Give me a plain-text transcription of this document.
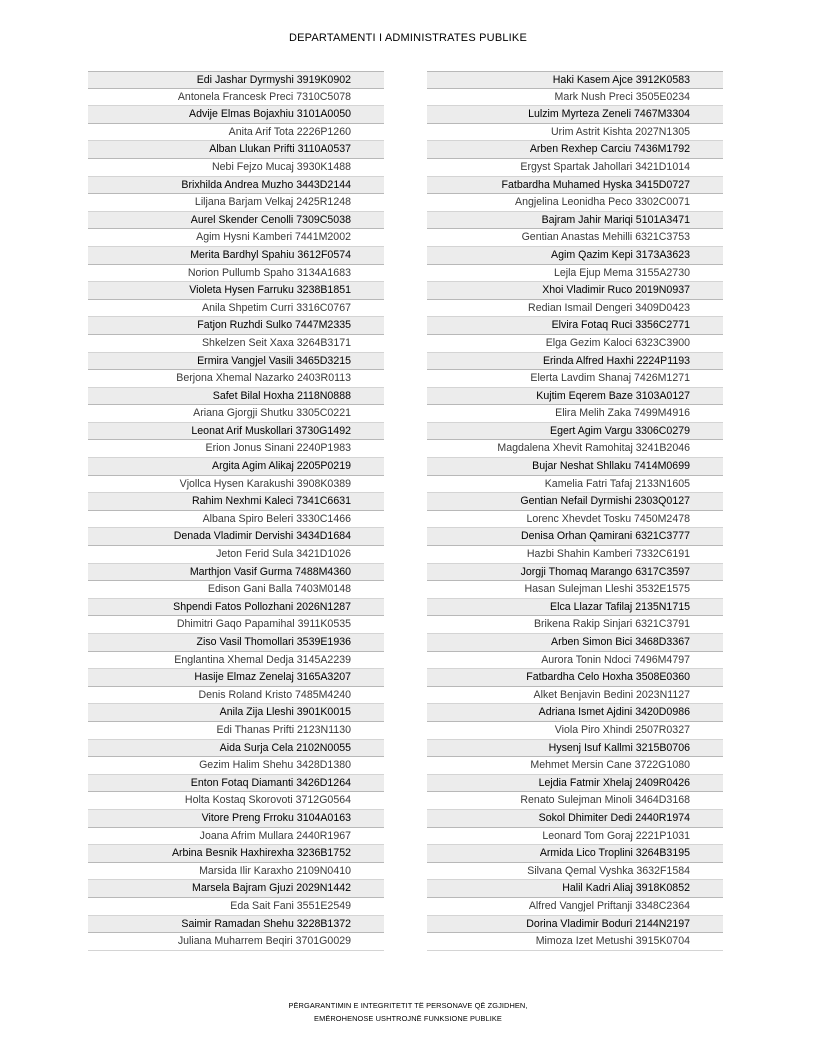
DEPARTAMENTI I ADMINISTRATES PUBLIKE
Edi Jashar Dyrmyshi 3919K0902
Antonela Francesk Preci 7310C5078
Advije Elmas Bojaxhiu 3101A0050
Anita Arif Tota 2226P1260
Alban Llukan Prifti 3110A0537
Nebi Fejzo Mucaj 3930K1488
Brixhilda Andrea Muzho 3443D2144
Liljana Barjam Velkaj 2425R1248
Aurel Skender Cenolli 7309C5038
Agim Hysni Kamberi 7441M2002
Merita Bardhyl Spahiu 3612F0574
Norion Pullumb Spaho 3134A1683
Violeta Hysen Farruku 3238B1851
Anila Shpetim Curri 3316C0767
Fatjon Ruzhdi Sulko 7447M2335
Shkelzen Seit Xaxa 3264B3171
Ermira Vangjel Vasili 3465D3215
Berjona Xhemal Nazarko 2403R0113
Safet Bilal Hoxha 2118N0888
Ariana Gjorgji Shutku 3305C0221
Leonat Arif Muskollari 3730G1492
Erion Jonus Sinani 2240P1983
Argita Agim Alikaj 2205P0219
Vjollca Hysen Karakushi 3908K0389
Rahim Nexhmi Kaleci 7341C6631
Albana Spiro Beleri 3330C1466
Denada Vladimir Dervishi 3434D1684
Jeton Ferid Sula 3421D1026
Marthjon Vasif Gurma 7488M4360
Edison Gani Balla 7403M0148
Shpendi Fatos Pollozhani 2026N1287
Dhimitri Gaqo Papamihal 3911K0535
Ziso Vasil Thomollari 3539E1936
Englantina Xhemal Dedja 3145A2239
Hasije Elmaz Zenelaj 3165A3207
Denis Roland Kristo 7485M4240
Anila Zija Lleshi 3901K0015
Edi Thanas Prifti 2123N1130
Aida Surja Cela 2102N0055
Gezim Halim Shehu 3428D1380
Enton Fotaq Diamanti 3426D1264
Holta Kostaq Skorovoti 3712G0564
Vitore Preng Frroku 3104A0163
Joana Afrim Mullara 2440R1967
Arbina Besnik Haxhirexha 3236B1752
Marsida Ilir Karaxho 2109N0410
Marsela Bajram Gjuzi 2029N1442
Eda Sait Fani 3551E2549
Saimir Ramadan Shehu 3228B1372
Juliana Muharrem Beqiri 3701G0029
Haki Kasem Ajce 3912K0583
Mark Nush Preci 3505E0234
Lulzim Myrteza Zeneli 7467M3304
Urim Astrit Kishta 2027N1305
Arben Rexhep Carciu 7436M1792
Ergyst Spartak Jahollari 3421D1014
Fatbardha Muhamed Hyska 3415D0727
Angjelina Leonidha Peco 3302C0071
Bajram Jahir Mariqi 5101A3471
Gentian Anastas Mehilli 6321C3753
Agim Qazim Kepi 3173A3623
Lejla Ejup Mema 3155A2730
Xhoi Vladimir Ruco 2019N0937
Redian Ismail Dengeri 3409D0423
Elvira Fotaq Ruci 3356C2771
Elga Gezim Kaloci 6323C3900
Erinda Alfred Haxhi 2224P1193
Elerta Lavdim Shanaj 7426M1271
Kujtim Eqerem Baze 3103A0127
Elira Melih Zaka 7499M4916
Egert Agim Vargu 3306C0279
Magdalena Xhevit Ramohitaj 3241B2046
Bujar Neshat Shllaku 7414M0699
Kamelia Fatri Tafaj 2133N1605
Gentian Nefail Dyrmishi 2303Q0127
Lorenc Xhevdet Tosku 7450M2478
Denisa Orhan Qamirani 6321C3777
Hazbi Shahin Kamberi 7332C6191
Jorgji Thomaq Marango 6317C3597
Hasan Sulejman Lleshi 3532E1575
Elca Llazar Tafilaj 2135N1715
Brikena Rakip Sinjari 6321C3791
Arben Simon Bici 3468D3367
Aurora Tonin Ndoci 7496M4797
Fatbardha Celo Hoxha 3508E0360
Alket Benjavin Bedini 2023N1127
Adriana Ismet Ajdini 3420D0986
Viola Piro Xhindi 2507R0327
Hysenj Isuf Kallmi 3215B0706
Mehmet Mersin Cane 3722G1080
Lejdia Fatmir Xhelaj 2409R0426
Renato Sulejman Minoli 3464D3168
Sokol Dhimiter Dedi 2440R1974
Leonard Tom Goraj 2221P1031
Armida Lico Troplini 3264B3195
Silvana Qemal Vyshka 3632F1584
Halil Kadri Aliaj 3918K0852
Alfred Vangjel Priftanji 3348C2364
Dorina Vladimir Boduri 2144N2197
Mimoza Izet Metushi 3915K0704
PËRGARANTIMIN E INTEGRITETIT TË PERSONAVE QË ZGJIDHEN,
EMËROHENOSE USHTROJNË FUNKSIONE PUBLIKE
